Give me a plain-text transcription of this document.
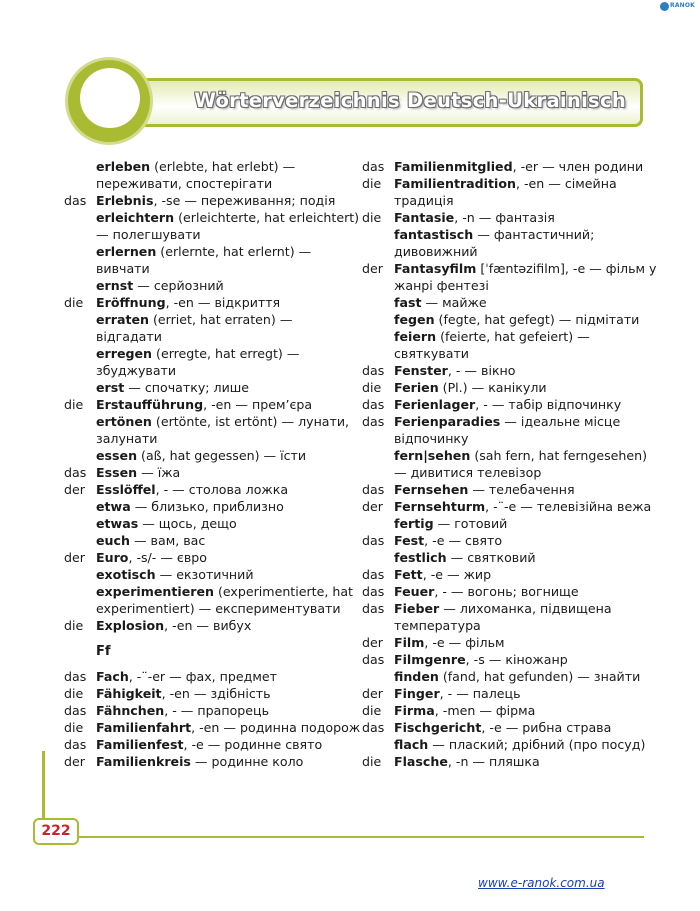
RANOK
Wörterverzeichnis Deutsch-Ukrainisch
erleben (erlebte, hat erlebt) — переживати, спостерігати
das Erlebnis, -se — переживання; подія
erleichtern (erleichterte, hat erleichtert) — полегшувати
erlernen (erlernte, hat erlernt) — вивчати
ernst — серйозний
die Eröffnung, -en — відкриття
erraten (erriet, hat erraten) — відгадати
erregen (erregte, hat erregt) — збуджувати
erst — спочатку; лише
die Erstaufführung, -en — прем’єра
ertönen (ertönte, ist ertönt) — лунати, залунати
essen (aß, hat gegessen) — їсти
das Essen — їжа
der Esslöffel, - — столова ложка
etwa — близько, приблизно
etwas — щось, дещо
euch — вам, вас
der Euro, -s/- — євро
exotisch — екзотичний
experimentieren (experimentierte, hat experimentiert) — експериментувати
die Explosion, -en — вибух
Ff
das Fach, -¨-er — фах, предмет
die Fähigkeit, -en — здібність
das Fähnchen, - — прапорець
die Familienfahrt, -en — родинна подорож
das Familienfest, -e — родинне свято
der Familienkreis — родинне коло
das Familienmitglied, -er — член родини
die Familientradition, -en — сімейна традиція
die Fantasie, -n — фантазія
fantastisch — фантастичний; дивовижний
der Fantasyfilm [ˈfæntəzifilm], -e — фільм у жанрі фентезі
fast — майже
fegen (fegte, hat gefegt) — підмітати
feiern (feierte, hat gefeiert) — святкувати
das Fenster, - — вікно
die Ferien (Pl.) — канікули
das Ferienlager, - — табір відпочинку
das Ferienparadies — ідеальне місце відпочинку
fern|sehen (sah fern, hat ferngesehen) — дивитися телевізор
das Fernsehen — телебачення
der Fernsehturm, -¨-e — телевізійна вежа
fertig — готовий
das Fest, -e — свято
festlich — святковий
das Fett, -e — жир
das Feuer, - — вогонь; вогнище
das Fieber — лихоманка, підвищена температура
der Film, -e — фільм
das Filmgenre, -s — кіножанр
finden (fand, hat gefunden) — знайти
der Finger, - — палець
die Firma, -men — фірма
das Fischgericht, -e — рибна страва
flach — плаский; дрібний (про посуд)
die Flasche, -n — пляшка
222
www.e-ranok.com.ua
